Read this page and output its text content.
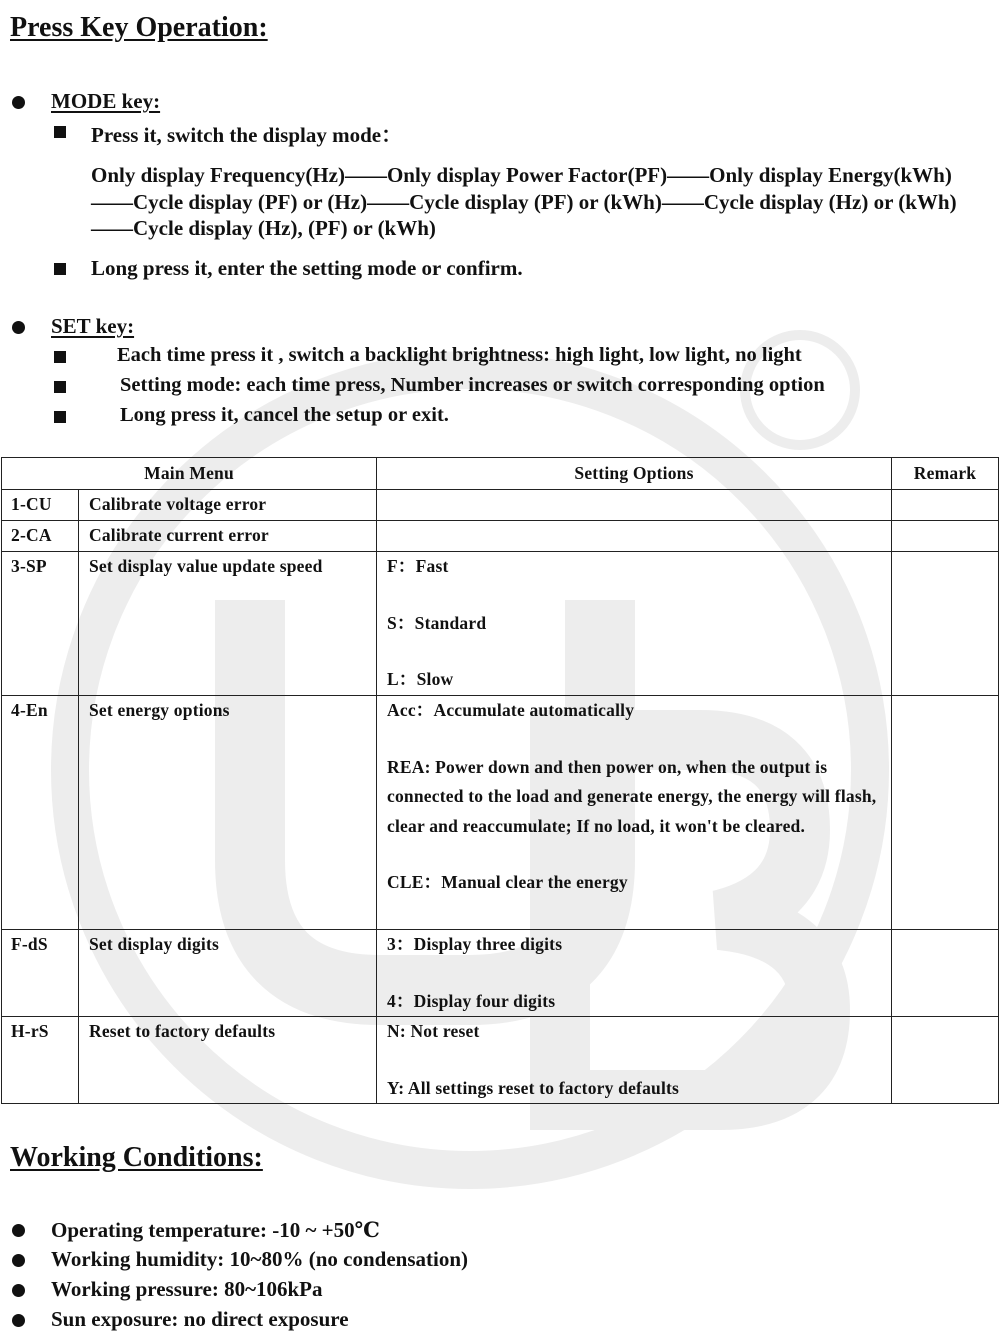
Press Key Operation:
MODE key:
Press it, switch the display mode：
Only display Frequency(Hz)——Only display Power Factor(PF)——Only display Energy(kWh)——Cycle display (PF) or (Hz)——Cycle display (PF) or (kWh)——Cycle display (Hz) or (kWh)——Cycle display (Hz), (PF) or (kWh)
Long press it, enter the setting mode or confirm.
SET key:
Each time press it , switch a backlight brightness: high light, low light, no light
Setting mode: each time press, Number increases or switch corresponding option
Long press it, cancel the setup or exit.
Main Menu		Setting Options	Remark

1-CU	Calibrate voltage error		

2-CA	Calibrate current error		

3-SP	Set display value update speed	F：Fast
S：Standard
L：Slow	

4-En	Set energy options	Acc：Accumulate automatically
REA: Power down and then power on, when the output is connected to the load and generate energy, the energy will flash, clear and reaccumulate; If no load, it won't be cleared.
CLE：Manual clear the energy	

F-dS	Set display digits	3：Display three digits
4：Display four digits	

H-rS	Reset to factory defaults	N: Not reset
Y: All settings reset to factory defaults	

Working Conditions:
Operating temperature: -10 ~ +50℃
Working humidity: 10~80% (no condensation)
Working pressure: 80~106kPa
Sun exposure: no direct exposure
